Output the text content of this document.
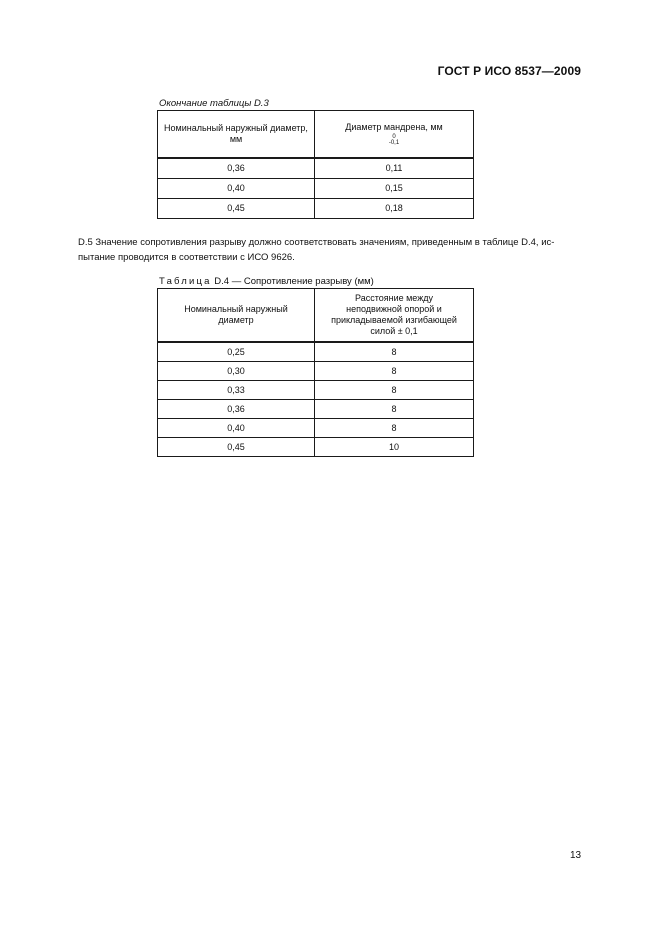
ГОСТ Р ИСО 8537—2009
Окончание таблицы D.3
Номинальный наружный диаметр, мм	Диаметр мандрена, мм
0
-0,1

0,36	0,11
0,40	0,15
0,45	0,18
D.5 Значение сопротивления разрыву должно соответствовать значениям, приведенным в таблице D.4, ис-
пытание проводится в соответствии с ИСО 9626.
Таблица D.4 — Сопротивление разрыву (мм)
Номинальный наружный диаметр	Расстояние между неподвижной опорой и прикладываемой изгибающей силой ± 0,1
0,25	8
0,30	8
0,33	8
0,36	8
0,40	8
0,45	10
13
